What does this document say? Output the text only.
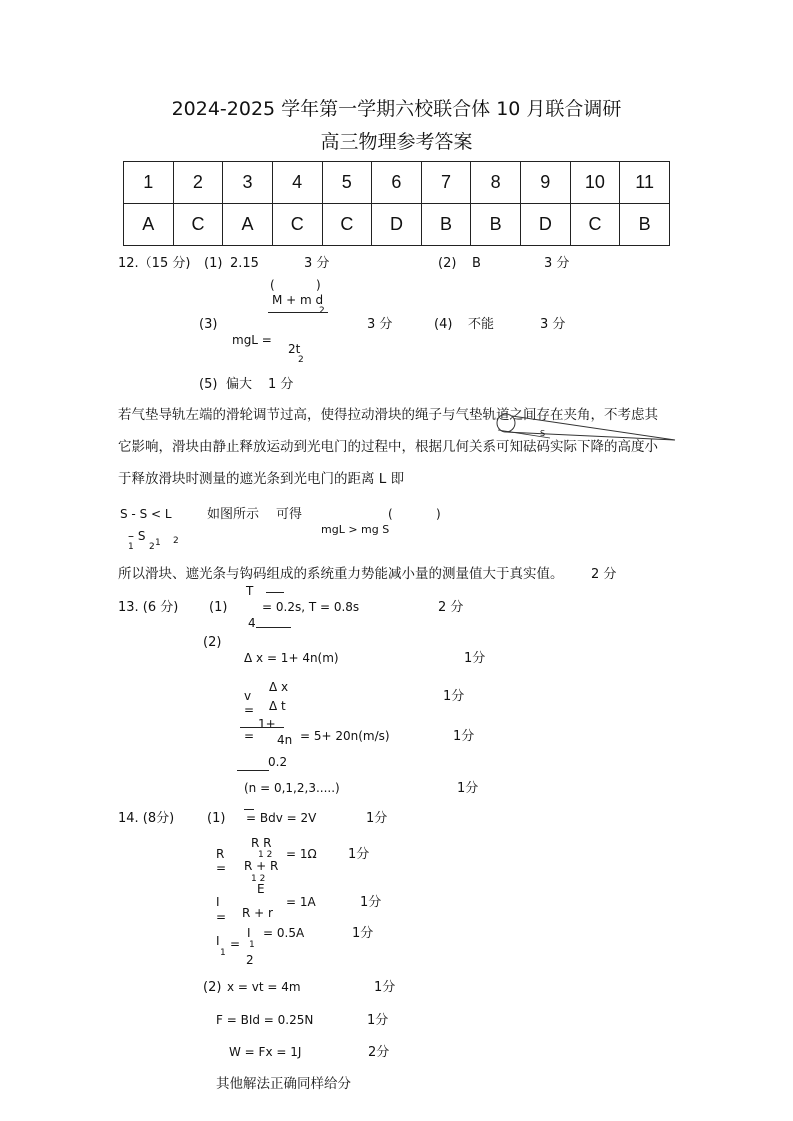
2024-2025 学年第一学期六校联合体 10 月联合调研
高三物理参考答案
1	2	3	4	5	6	7	8	9	10	11
A	C	A	C	C	D	B	B	D	C	B
12.（15 分) (1) 2.15	3 分	(2) B	3 分
(	)
M + m d
2
(3)
mgL =
2t
2
3 分	(4) 不能	3 分
(5) 偏大 1 分
若气垫导轨左端的滑轮调节过高，使得拉动滑块的绳子与气垫轨道之间存在夹角，不考虑其
它影响，滑块由静止释放运动到光电门的过程中，根据几何关系可知砝码实际下降的高度小
于释放滑块时测量的遮光条到光电门的距离 L 即
S
S - S < L
– S
1 1
2
2
如图所示 可得	(	)
mgL > mg S
所以滑块、遮光条与钩码组成的系统重力势能减小量的测量值大于真实值。 2 分
T
13. (6 分) (1)	= 0.2s, T = 0.8s	2 分
4
(2)
Δ x = 1+ 4n(m)	1分
Δ x
v	1分
Δ t
=
1+
= 4n = 5+ 20n(m/s)	1分
0.2
(n = 0,1,2,3.....)	1分
14. (8分)	(1) = Bdv = 2V	1分
R R
1 2
R	= 1Ω 1分
R + R
=
1 2
E
I	= 1A	1分
R + r
=
I = 0.5A	1分
I = 1
1 2
(2) x = vt = 4m	1分
F = BId = 0.25N	1分
W = Fx = 1J	2分
其他解法正确同样给分
